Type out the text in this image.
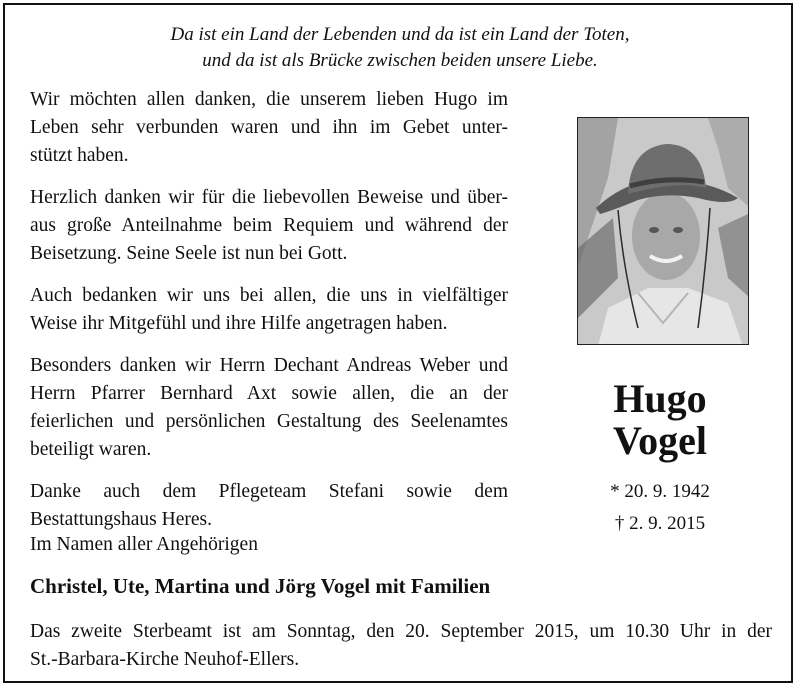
Da ist ein Land der Lebenden und da ist ein Land der Toten,
und da ist als Brücke zwischen beiden unsere Liebe.
Wir möchten allen danken, die unserem lieben Hugo im
Leben sehr verbunden waren und ihn im Gebet unter-
stützt haben.
Herzlich danken wir für die liebevollen Beweise und über-
aus große Anteilnahme beim Requiem und während der
Beisetzung. Seine Seele ist nun bei Gott.
Auch bedanken wir uns bei allen, die uns in vielfältiger
Weise ihr Mitgefühl und ihre Hilfe angetragen haben.
Besonders danken wir Herrn Dechant Andreas Weber und
Herrn Pfarrer Bernhard Axt sowie allen, die an der
feierlichen und persönlichen Gestaltung des Seelenamtes
beteiligt waren.
Danke auch dem Pflegeteam Stefani sowie dem
Bestattungshaus Heres.
Hugo
Vogel
* 20. 9. 1942
† 2. 9. 2015
Im Namen aller Angehörigen
Christel, Ute, Martina und Jörg Vogel mit Familien
Das zweite Sterbeamt ist am Sonntag, den 20. September 2015, um 10.30 Uhr in der
St.-Barbara-Kirche Neuhof-Ellers.
